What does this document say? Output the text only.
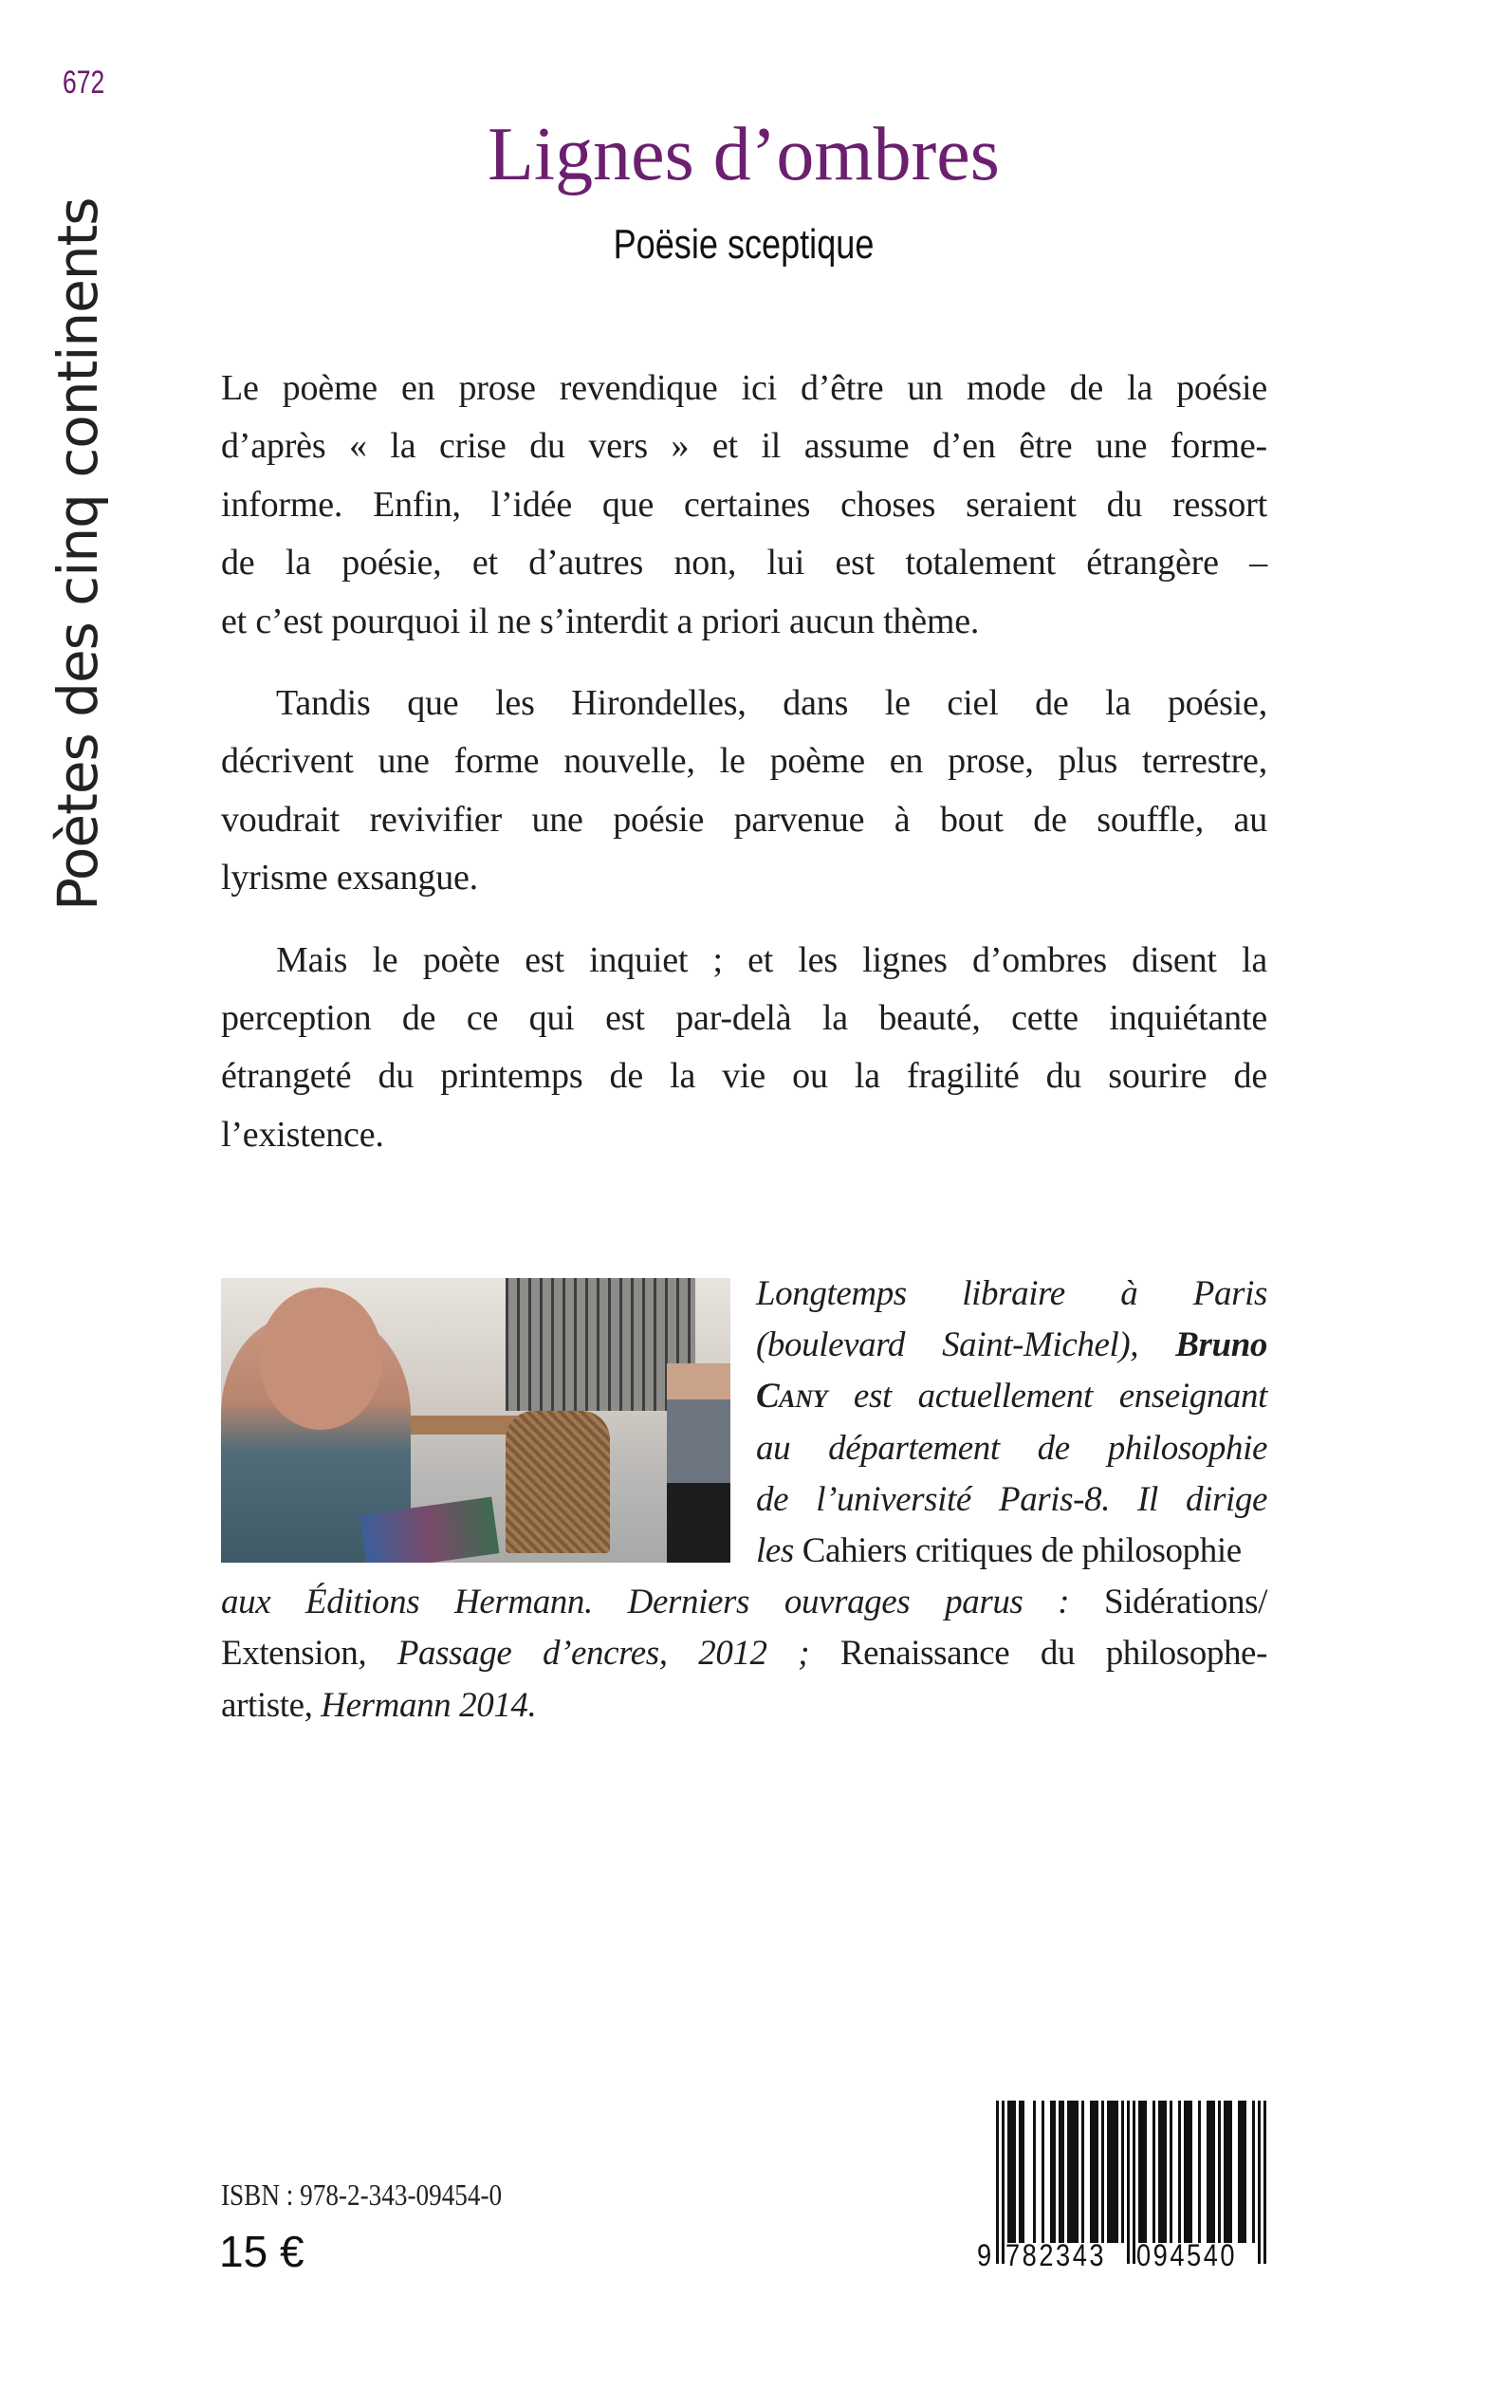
672
Poètes des cinq continents
Lignes d’ombres
Poësie sceptique
Le poème en prose revendique ici d’être un mode de la poésie
d’après « la crise du vers » et il assume d’en être une forme-
informe. Enfin, l’idée que certaines choses seraient du ressort
de la poésie, et d’autres non, lui est totalement étrangère –
et c’est pourquoi il ne s’interdit a priori aucun thème.
Tandis que les Hirondelles, dans le ciel de la poésie,
décrivent une forme nouvelle, le poème en prose, plus terrestre,
voudrait revivifier une poésie parvenue à bout de souffle, au
lyrisme exsangue.
Mais le poète est inquiet ; et les lignes d’ombres disent la
perception de ce qui est par-delà la beauté, cette inquiétante
étrangeté du printemps de la vie ou la fragilité du sourire de
l’existence.
Longtemps libraire à Paris
(boulevard Saint-Michel), Bruno
Cany est actuellement enseignant
au département de philosophie
de l’université Paris-8. Il dirige
les Cahiers critiques de philosophie
aux Éditions Hermann. Derniers ouvrages parus : Sidérations/
Extension, Passage d’encres, 2012 ; Renaissance du philosophe-
artiste, Hermann 2014.
ISBN : 978-2-343-09454-0
15 €	9 782343 094540
